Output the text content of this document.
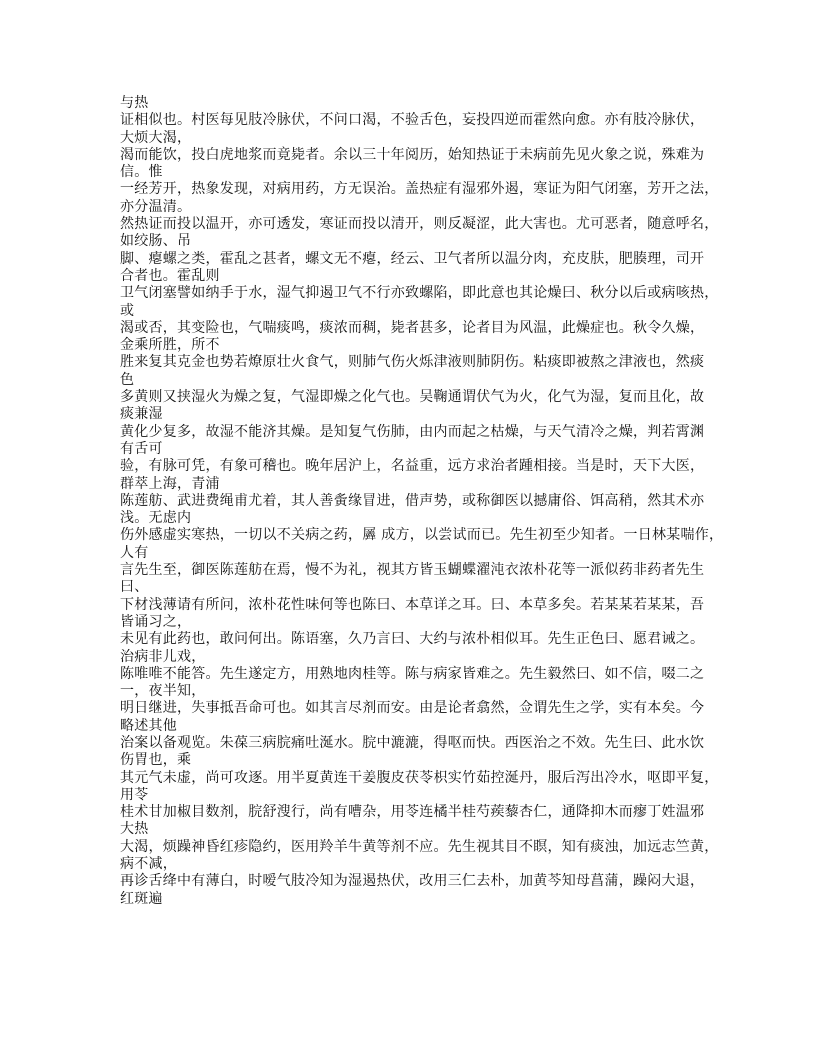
与热
证相似也。村医每见肢冷脉伏，不问口渴，不验舌色，妄投四逆而霍然向愈。亦有肢冷脉伏，
大烦大渴，
渴而能饮，投白虎地浆而竟毙者。余以三十年阅历，始知热证于未病前先见火象之说，殊难为
信。惟
一经芳开，热象发现，对病用药，方无误治。盖热症有湿邪外遏，寒证为阳气闭塞，芳开之法，
亦分温清。
然热证而投以温开，亦可透发，寒证而投以清开，则反凝涩，此大害也。尤可恶者，随意呼名，
如绞肠、吊
脚、瘪螺之类，霍乱之甚者，螺文无不瘪，经云、卫气者所以温分肉，充皮肤，肥腠理，司开
合者也。霍乱则
卫气闭塞譬如纳手于水，湿气抑遏卫气不行亦致螺陷，即此意也其论燥曰、秋分以后或病咳热，
或
渴或否，其变险也，气喘痰鸣，痰浓而稠，毙者甚多，论者目为风温，此燥症也。秋令久燥，
金乘所胜，所不
胜来复其克金也势若燎原壮火食气，则肺气伤火烁津液则肺阴伤。粘痰即被熬之津液也，然痰
色
多黄则又挟湿火为燥之复，气湿即燥之化气也。吴鞠通谓伏气为火，化气为湿，复而且化，故
痰兼湿
黄化少复多，故湿不能济其燥。是知复气伤肺，由内而起之枯燥，与天气清冷之燥，判若霄渊
有舌可
验，有脉可凭，有象可稽也。晚年居沪上，名益重，远方求治者踵相接。当是时，天下大医，
群萃上海，青浦
陈莲舫、武进费绳甫尤着，其人善夤缘冒进，借声势，或称御医以撼庸俗、饵高稍，然其术亦
浅。无虑内
伤外感虚实寒热，一切以不关病之药，羼 成方，以尝试而已。先生初至少知者。一日林某喘作，
人有
言先生至，御医陈莲舫在焉，慢不为礼，视其方皆玉蝴蝶濯沌衣浓朴花等一派似药非药者先生
曰、
下材浅薄请有所问，浓朴花性味何等也陈曰、本草详之耳。曰、本草多矣。若某某若某某，吾
皆诵习之，
未见有此药也，敢问何出。陈语塞，久乃言曰、大约与浓朴相似耳。先生正色曰、愿君诫之。
治病非儿戏，
陈唯唯不能答。先生遂定方，用熟地肉桂等。陈与病家皆难之。先生毅然曰、如不信，啜二之
一，夜半知，
明日继进，失事抵吾命可也。如其言尽剂而安。由是论者翕然，佥谓先生之学，实有本矣。今
略述其他
治案以备观览。朱葆三病脘痛吐涎水。脘中漉漉，得呕而快。西医治之不效。先生曰、此水饮
伤胃也，乘
其元气未虚，尚可攻逐。用半夏黄连干姜腹皮茯苓枳实竹茹控涎丹，服后泻出冷水，呕即平复，
用苓
桂术甘加椒目数剂，脘舒溲行，尚有嘈杂，用苓连橘半桂芍蒺藜杏仁，通降抑木而瘳丁姓温邪
大热
大渴，烦躁神昏红疹隐约，医用羚羊牛黄等剂不应。先生视其目不瞑，知有痰浊，加远志竺黄，
病不减，
再诊舌绛中有薄白，时嗳气肢冷知为湿遏热伏，改用三仁去朴，加黄芩知母菖蒲，躁闷大退，
红斑遍
